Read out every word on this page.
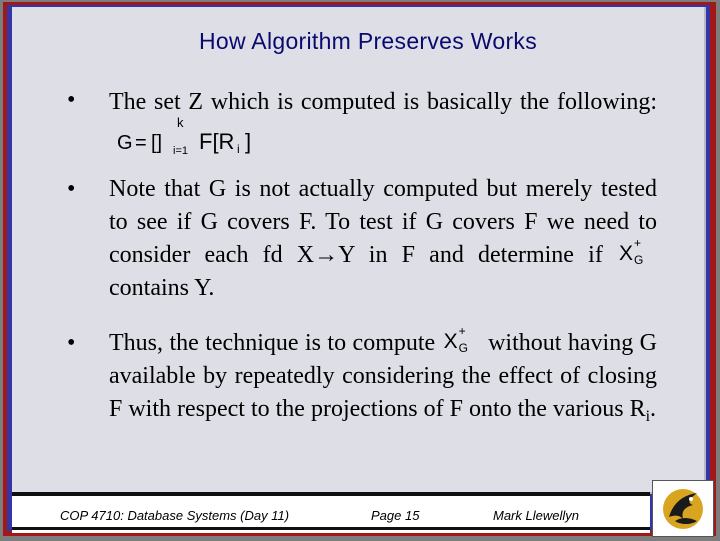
How Algorithm Preserves Works
• The set Z which is computed is basically the following:
G = []
k
i=1 F[R i ]
• Note that G is not actually computed but merely tested to see if G covers F. To test if G covers F we need to consider each fd X→Y in F and determine if X +
G
contains Y.
• Thus, the technique is to compute X +
G without having G available by repeatedly considering the effect of closing F with respect to the projections of F onto the various $R_i$.
COP 4710: Database Systems (Day 11)	Page 15	Mark Llewellyn
